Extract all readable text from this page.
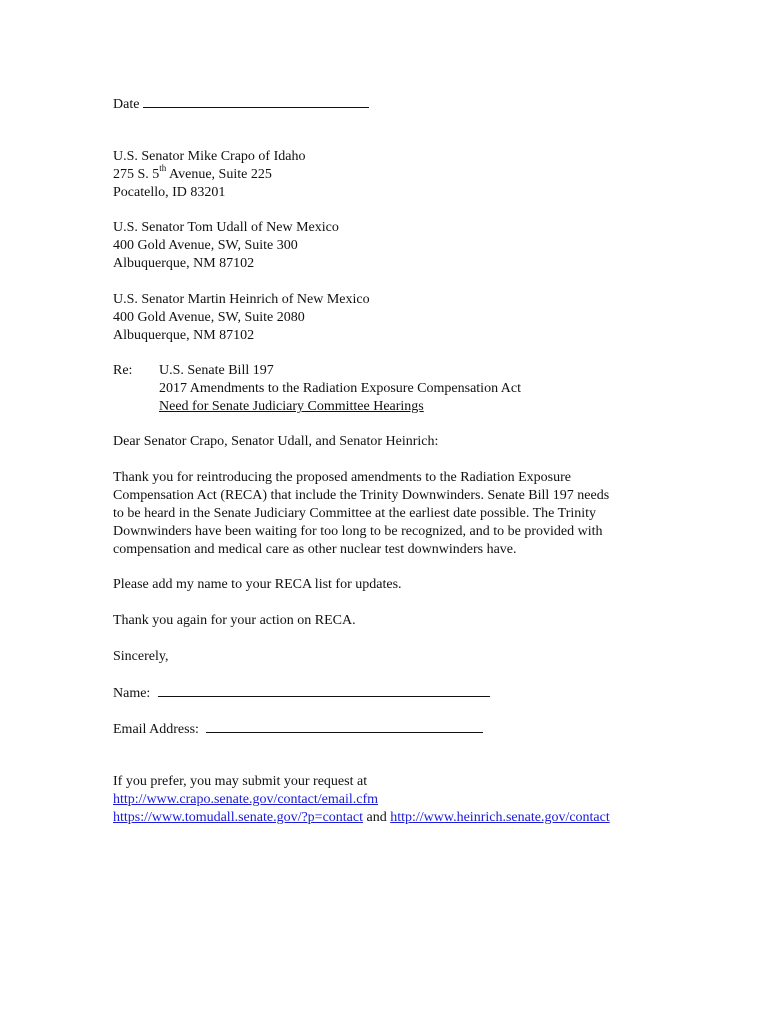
Date
U.S. Senator Mike Crapo of Idaho
275 S. 5th Avenue, Suite 225
Pocatello, ID 83201
U.S. Senator Tom Udall of New Mexico
400 Gold Avenue, SW, Suite 300
Albuquerque, NM 87102
U.S. Senator Martin Heinrich of New Mexico
400 Gold Avenue, SW, Suite 2080
Albuquerque, NM 87102
Re: U.S. Senate Bill 197
2017 Amendments to the Radiation Exposure Compensation Act
Need for Senate Judiciary Committee Hearings
Dear Senator Crapo, Senator Udall, and Senator Heinrich:
Thank you for reintroducing the proposed amendments to the Radiation Exposure
Compensation Act (RECA) that include the Trinity Downwinders. Senate Bill 197 needs
to be heard in the Senate Judiciary Committee at the earliest date possible. The Trinity
Downwinders have been waiting for too long to be recognized, and to be provided with
compensation and medical care as other nuclear test downwinders have.
Please add my name to your RECA list for updates.
Thank you again for your action on RECA.
Sincerely,
Name:
Email Address:
If you prefer, you may submit your request at
http://www.crapo.senate.gov/contact/email.cfm
https://www.tomudall.senate.gov/?p=contact and http://www.heinrich.senate.gov/contact
